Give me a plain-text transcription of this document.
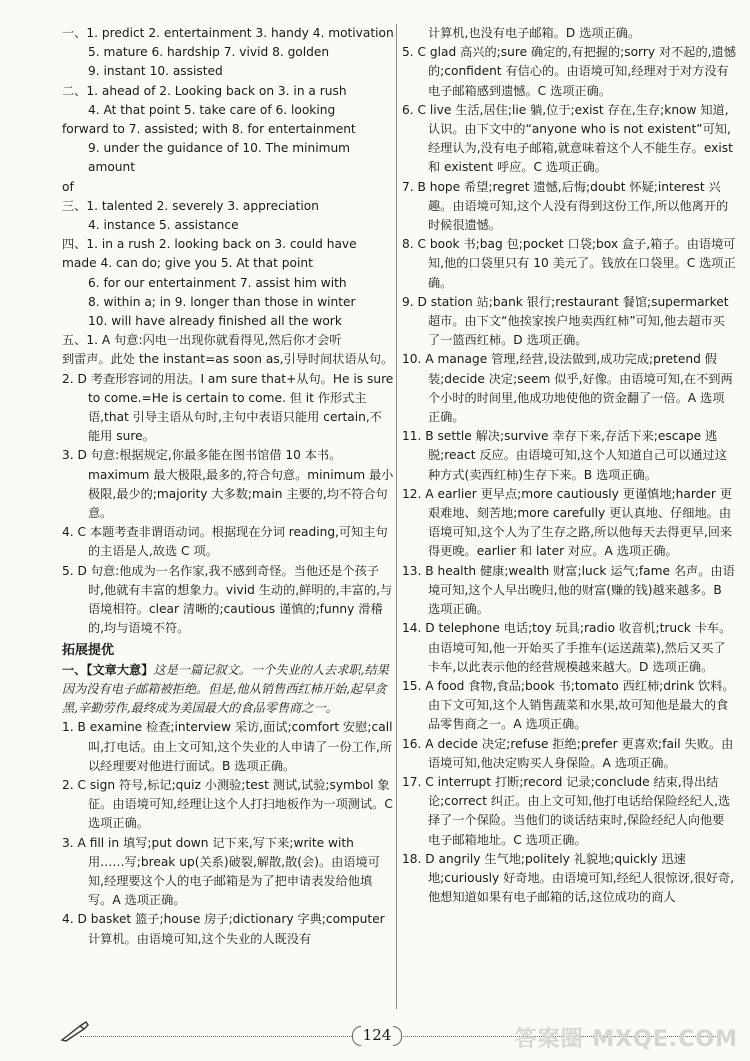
一、1. predict 2. entertainment 3. handy 4. motivation

5. mature 6. hardship 7. vivid 8. golden

9. instant 10. assisted

二、1. ahead of 2. Looking back on 3. in a rush

4. At that point 5. take care of 6. looking

forward to 7. assisted; with 8. for entertainment

9. under the guidance of 10. The minimum amount

of

三、1. talented 2. severely 3. appreciation

4. instance 5. assistance

四、1. in a rush 2. looking back on 3. could have

made 4. can do; give you 5. At that point

6. for our entertainment 7. assist him with

8. within a; in 9. longer than those in winter

10. will have already finished all the work

五、1. A 句意:闪电一出现你就看得见,然后你才会听

到雷声。此处 the instant=as soon as,引导时间状语从句。

2. D 考查形容词的用法。I am sure that+从句。He is sure to come.=He is certain to come. 但 it 作形式主语,that 引导主语从句时,主句中表语只能用 certain,不能用 sure。

3. D 句意:根据规定,你最多能在图书馆借 10 本书。maximum 最大极限,最多的,符合句意。minimum 最小极限,最少的;majority 大多数;main 主要的,均不符合句意。

4. C 本题考查非谓语动词。根据现在分词 reading,可知主句的主语是人,故选 C 项。

5. D 句意:他成为一名作家,我不感到奇怪。当他还是个孩子时,他就有丰富的想象力。vivid 生动的,鲜明的,丰富的,与语境相符。clear 清晰的;cautious 谨慎的;funny 滑稽的,均与语境不符。

拓展提优

一、【文章大意】这是一篇记叙文。一个失业的人去求职,结果因为没有电子邮箱被拒绝。但是,他从销售西红柿开始,起早贪黑,辛勤劳作,最终成为美国最大的食品零售商之一。

1. B examine 检查;interview 采访,面试;comfort 安慰;call 叫,打电话。由上文可知,这个失业的人申请了一份工作,所以经理要对他进行面试。B 选项正确。

2. C sign 符号,标记;quiz 小测验;test 测试,试验;symbol 象征。由语境可知,经理让这个人打扫地板作为一项测试。C 选项正确。

3. A fill in 填写;put down 记下来,写下来;write with 用……写;break up(关系)破裂,解散,散(会)。由语境可知,经理要这个人的电子邮箱是为了把申请表发给他填写。A 选项正确。

4. D basket 篮子;house 房子;dictionary 字典;computer 计算机。由语境可知,这个失业的人既没有

计算机,也没有电子邮箱。D 选项正确。

5. C glad 高兴的;sure 确定的,有把握的;sorry 对不起的,遗憾的;confident 有信心的。由语境可知,经理对于对方没有电子邮箱感到遗憾。C 选项正确。

6. C live 生活,居住;lie 躺,位于;exist 存在,生存;know 知道,认识。由下文中的“anyone who is not existent”可知,经理认为,没有电子邮箱,就意味着这个人不能生存。exist 和 existent 呼应。C 选项正确。

7. B hope 希望;regret 遗憾,后悔;doubt 怀疑;interest 兴趣。由语境可知,这个人没有得到这份工作,所以他离开的时候很遗憾。

8. C book 书;bag 包;pocket 口袋;box 盒子,箱子。由语境可知,他的口袋里只有 10 美元了。钱放在口袋里。C 选项正确。

9. D station 站;bank 银行;restaurant 餐馆;supermarket 超市。由下文“他挨家挨户地卖西红柿”可知,他去超市买了一篮西红柿。D 选项正确。

10. A manage 管理,经营,设法做到,成功完成;pretend 假装;decide 决定;seem 似乎,好像。由语境可知,在不到两个小时的时间里,他成功地使他的资金翻了一倍。A 选项正确。

11. B settle 解决;survive 幸存下来,存活下来;escape 逃脱;react 反应。由语境可知,这个人知道自己可以通过这种方式(卖西红柿)生存下来。B 选项正确。

12. A earlier 更早点;more cautiously 更谨慎地;harder 更艰难地、刻苦地;more carefully 更认真地、仔细地。由语境可知,这个人为了生存之路,所以他每天去得更早,回来得更晚。earlier 和 later 对应。A 选项正确。

13. B health 健康;wealth 财富;luck 运气;fame 名声。由语境可知,这个人早出晚归,他的财富(赚的钱)越来越多。B 选项正确。

14. D telephone 电话;toy 玩具;radio 收音机;truck 卡车。由语境可知,他一开始买了手推车(运送蔬菜),然后又买了卡车,以此表示他的经营规模越来越大。D 选项正确。

15. A food 食物,食品;book 书;tomato 西红柿;drink 饮料。由下文可知,这个人销售蔬菜和水果,故可知他是最大的食品零售商之一。A 选项正确。

16. A decide 决定;refuse 拒绝;prefer 更喜欢;fail 失败。由语境可知,他决定购买人身保险。A 选项正确。

17. C interrupt 打断;record 记录;conclude 结束,得出结论;correct 纠正。由上文可知,他打电话给保险经纪人,选择了一个保险。当他们的谈话结束时,保险经纪人向他要电子邮箱地址。C 选项正确。

18. D angrily 生气地;politely 礼貌地;quickly 迅速地;curiously 好奇地。由语境可知,经纪人很惊讶,很好奇,他想知道如果有电子邮箱的话,这位成功的商人

124	答案圈 MXQE.COM
